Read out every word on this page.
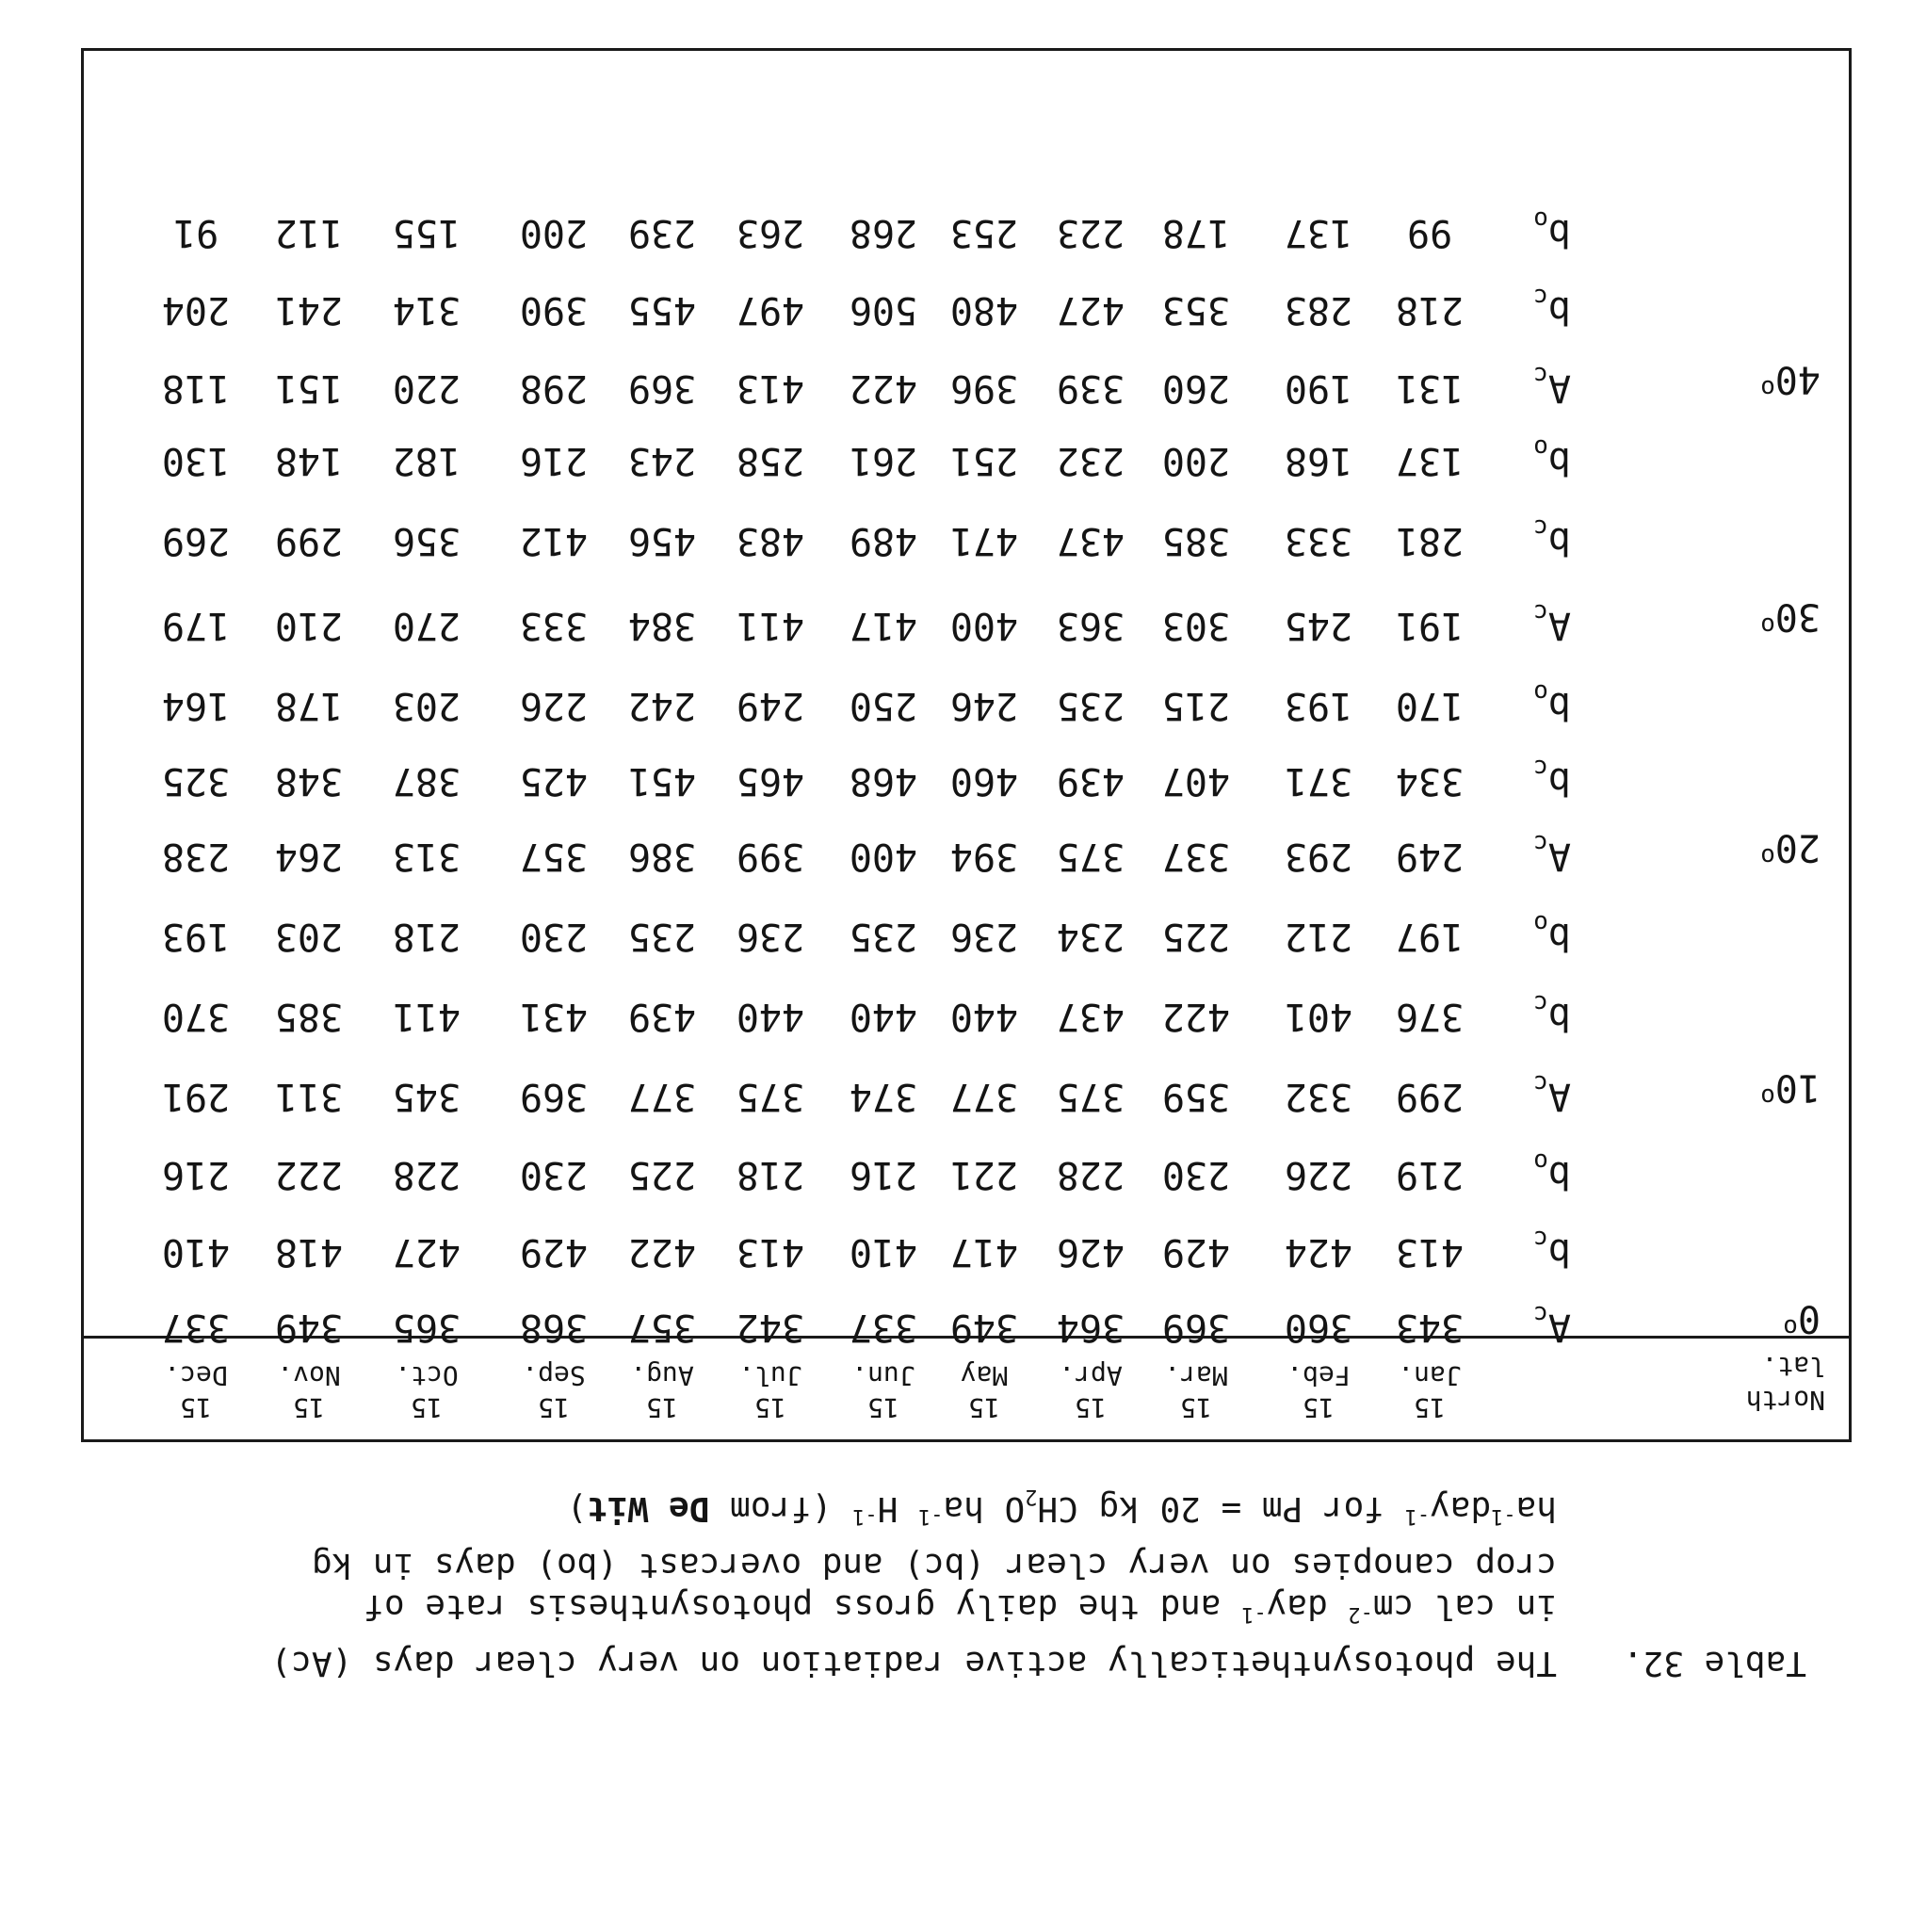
Table 32.The photosynthetically active radiation on very clear days (Ac)
in cal $cm^{-2}$ day$^{-1}$ and the daily gross photosynthesis rate of
crop canopies on very clear (bc) and overcast (bo) days in kg
$ha^{-1}day^{-1}$ for Pm = 20 kg $CH_2O$ $ha^{-1}$ $H^{-1}$ (from De Wit)
North
lat.
15
Jan.
15
Feb.
15
Mar.
15
Apr.
15
May
15
Jun.
15
Jul.
15
Aug.
15
Sep.
15
Oct.
15
Nov.
15
Dec.
0$^o$
$A_c$
343
360
369
364
349
337
342
357
368
365
349
337
$b_c$
413
424
429
426
417
410
413
422
429
427
418
410
$b_o$
219
226
230
228
221
216
218
225
230
228
222
216
10$^o$
$A_c$
299
332
359
375
377
374
375
377
369
345
311
291
$b_c$
376
401
422
437
440
440
440
439
431
411
385
370
$b_o$
197
212
225
234
236
235
236
235
230
218
203
193
20$^o$
$A_c$
249
293
337
375
394
400
399
386
357
313
264
238
$b_c$
334
371
407
439
460
468
465
451
425
387
348
325
$b_o$
170
193
215
235
246
250
249
242
226
203
178
164
30$^o$
$A_c$
191
245
303
363
400
417
411
384
333
270
210
179
$b_c$
281
333
385
437
471
489
483
456
412
356
299
269
$b_o$
137
168
200
232
251
261
258
243
216
182
148
130
40$^o$
$A_c$
131
190
260
339
396
422
413
369
298
220
151
118
$b_c$
218
283
353
427
480
506
497
455
390
314
241
204
$b_o$
99
137
178
223
253
268
263
239
200
155
112
91
